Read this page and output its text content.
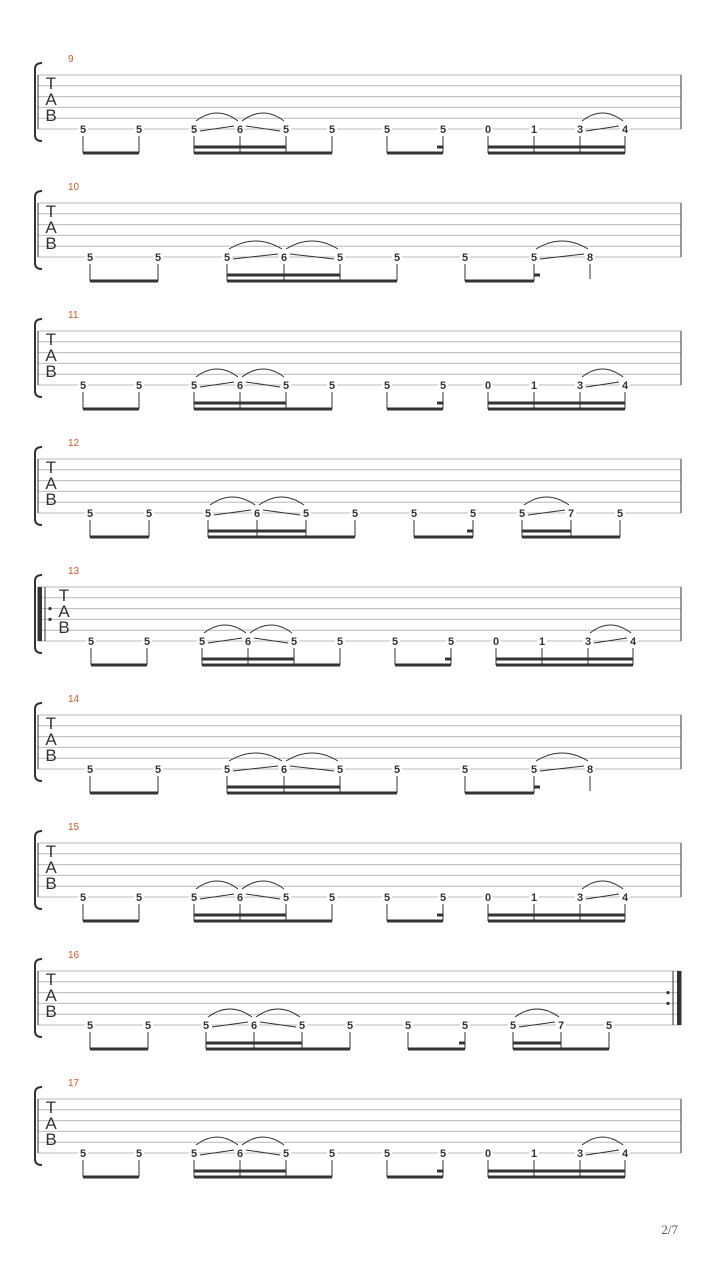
9
T
A
B
5	5	5	6	5	5	5	5	0	1	3	4
10
T
A
B
5	5	5	6	5	5	5	5	8
11
T
A
B
5	5	5	6	5	5	5	5	0	1	3	4
12
T
A
B
5	5	5	6	5	5	5	5	5	7	5
13
T
A
B
5	5	5	6	5	5	5	5	0	1	3	4
14
T
A
B
5	5	5	6	5	5	5	5	8
15
T
A
B
5	5	5	6	5	5	5	5	0	1	3	4
16
T
A
B
5	5	5	6	5	5	5	5	5	7	5
17
T
A
B
5	5	5	6	5	5	5	5	0	1	3	4
2/7
